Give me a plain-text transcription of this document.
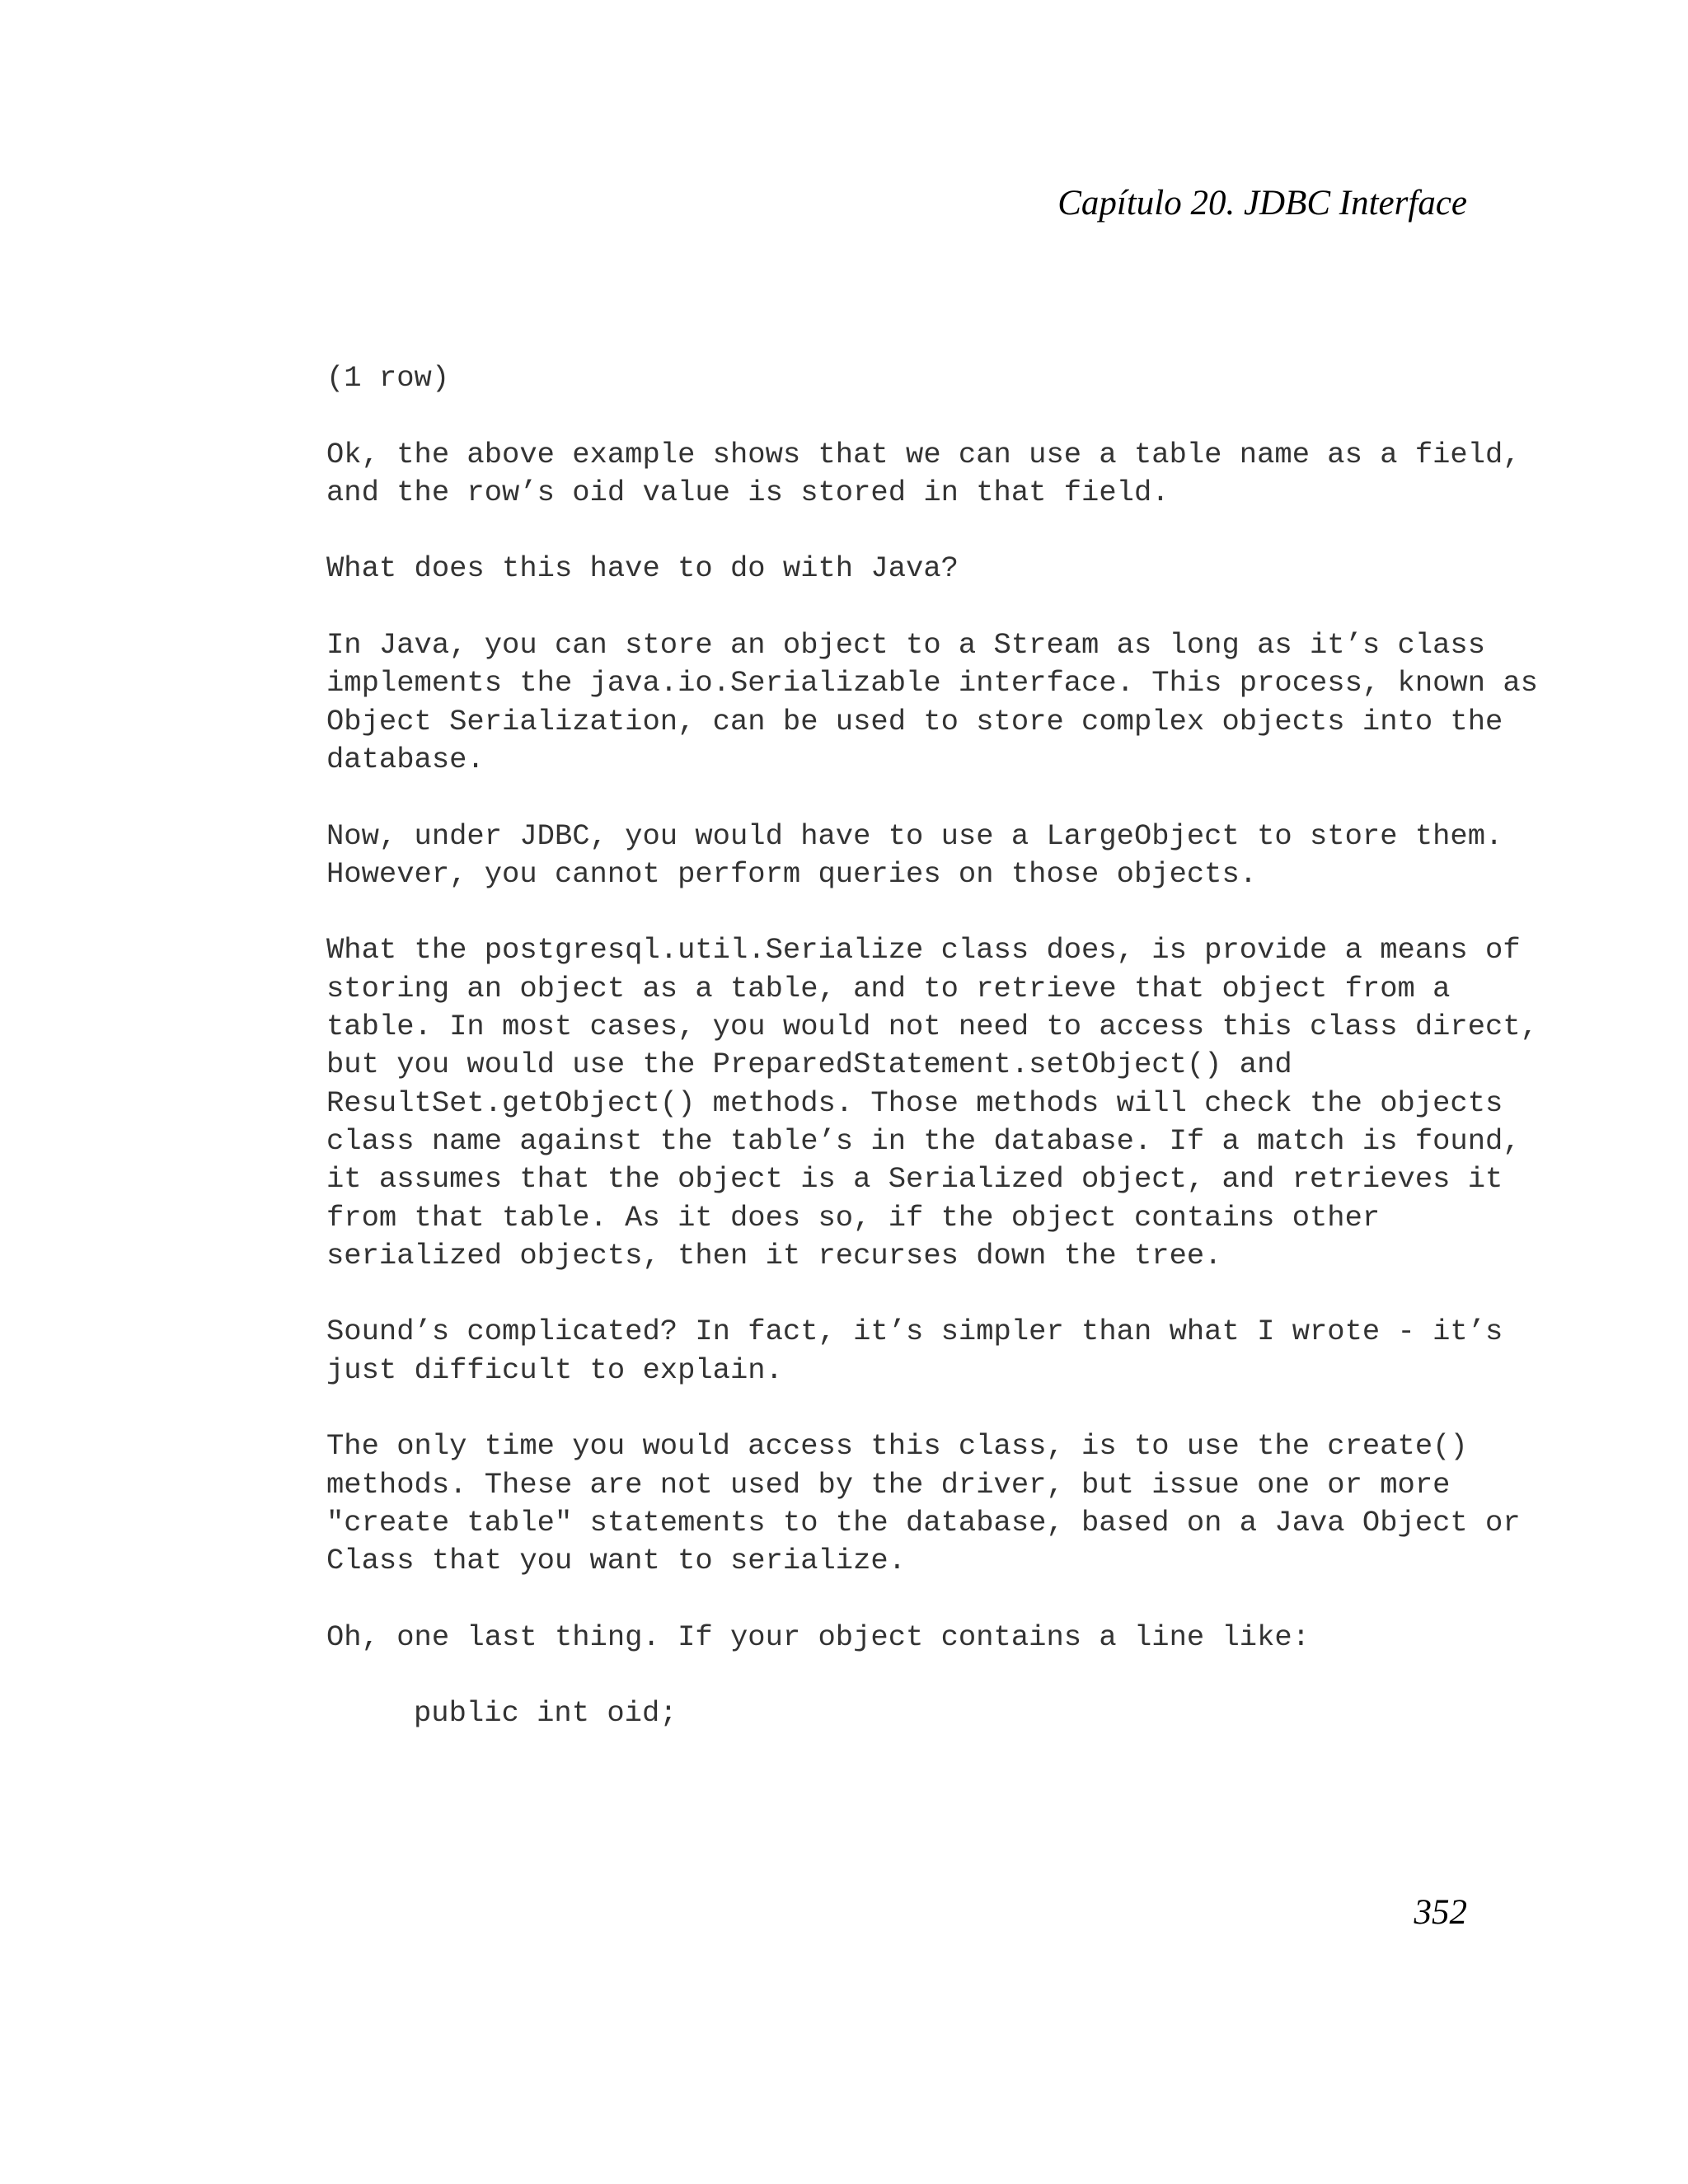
Capítulo 20. JDBC Interface
(1 row)
Ok, the above example shows that we can use a table name as a field,
and the row’s oid value is stored in that field.
What does this have to do with Java?
In Java, you can store an object to a Stream as long as it’s class
implements the java.io.Serializable interface. This process, known as
Object Serialization, can be used to store complex objects into the
database.
Now, under JDBC, you would have to use a LargeObject to store them.
However, you cannot perform queries on those objects.
What the postgresql.util.Serialize class does, is provide a means of
storing an object as a table, and to retrieve that object from a
table. In most cases, you would not need to access this class direct,
but you would use the PreparedStatement.setObject() and
ResultSet.getObject() methods. Those methods will check the objects
class name against the table’s in the database. If a match is found,
it assumes that the object is a Serialized object, and retrieves it
from that table. As it does so, if the object contains other
serialized objects, then it recurses down the tree.
Sound’s complicated? In fact, it’s simpler than what I wrote - it’s
just difficult to explain.
The only time you would access this class, is to use the create()
methods. These are not used by the driver, but issue one or more
"create table" statements to the database, based on a Java Object or
Class that you want to serialize.
Oh, one last thing. If your object contains a line like:
public int oid;
352
